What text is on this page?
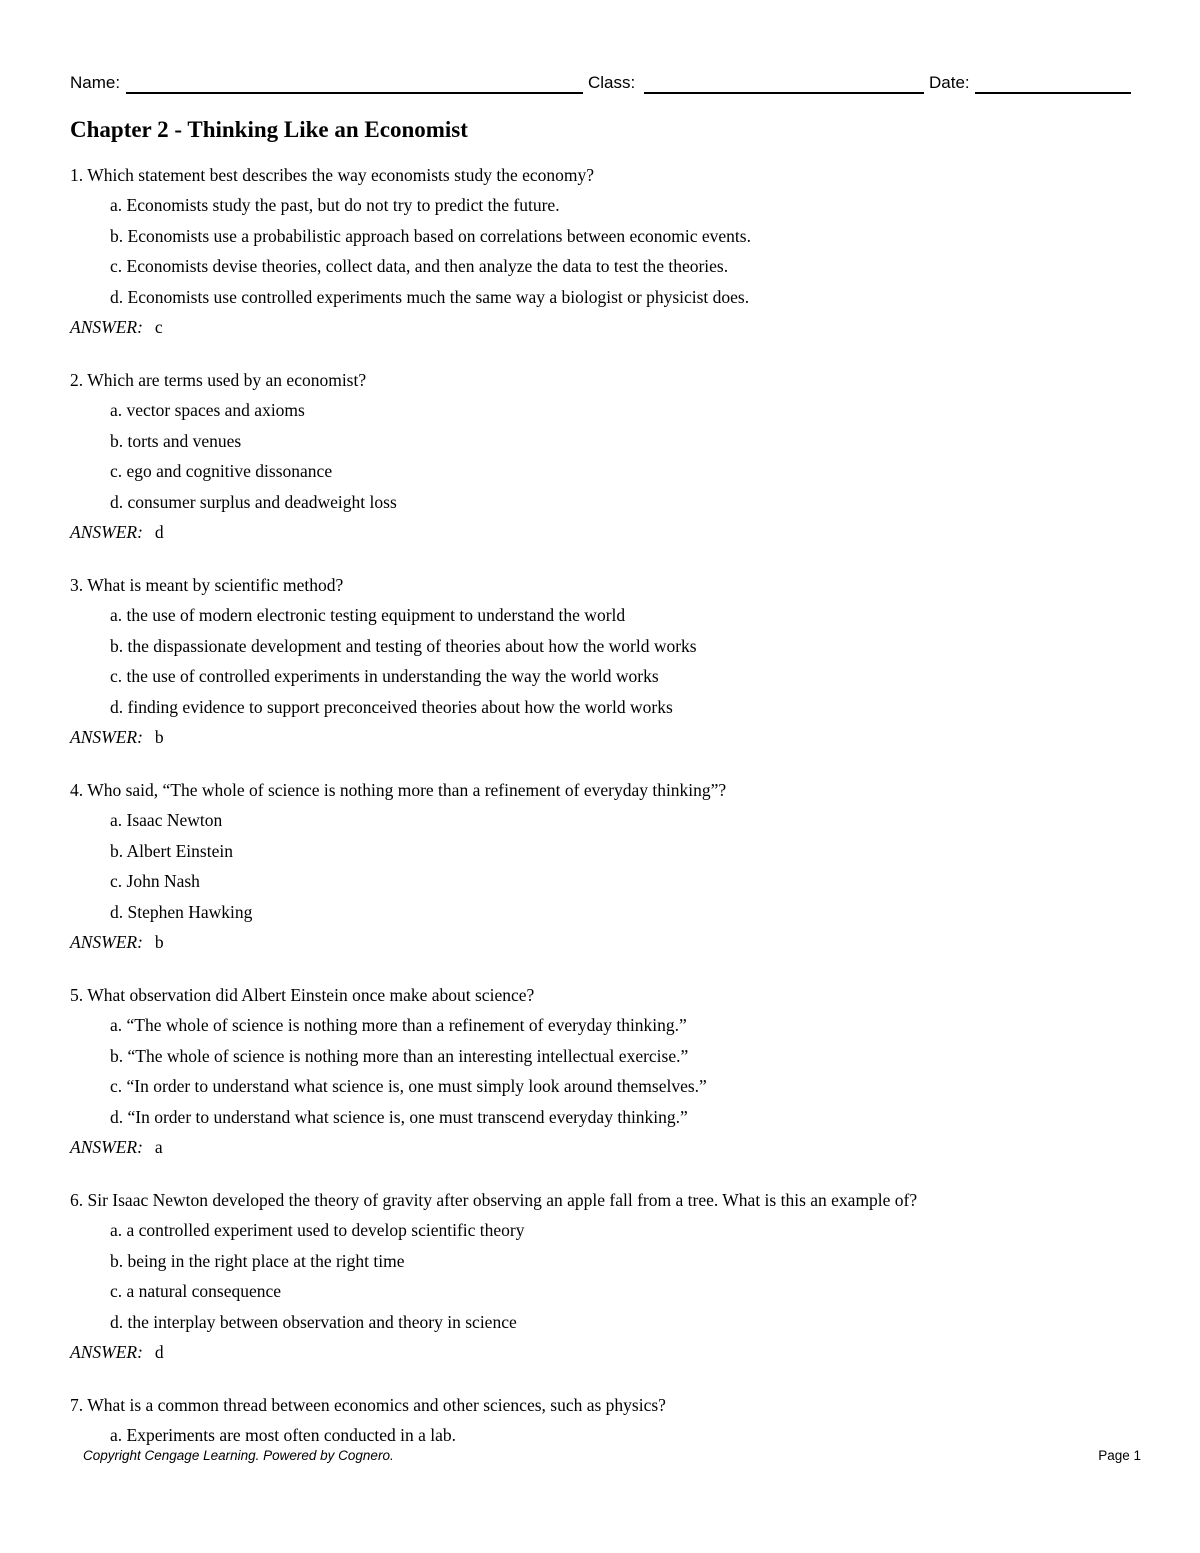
Name:	Class:	Date:
Chapter 2 - Thinking Like an Economist
1. Which statement best describes the way economists study the economy?
a. Economists study the past, but do not try to predict the future.
b. Economists use a probabilistic approach based on correlations between economic events.
c. Economists devise theories, collect data, and then analyze the data to test the theories.
d. Economists use controlled experiments much the same way a biologist or physicist does.
ANSWER: c
2. Which are terms used by an economist?
a. vector spaces and axioms
b. torts and venues
c. ego and cognitive dissonance
d. consumer surplus and deadweight loss
ANSWER: d
3. What is meant by scientific method?
a. the use of modern electronic testing equipment to understand the world
b. the dispassionate development and testing of theories about how the world works
c. the use of controlled experiments in understanding the way the world works
d. finding evidence to support preconceived theories about how the world works
ANSWER: b
4. Who said, “The whole of science is nothing more than a refinement of everyday thinking”?
a. Isaac Newton
b. Albert Einstein
c. John Nash
d. Stephen Hawking
ANSWER: b
5. What observation did Albert Einstein once make about science?
a. “The whole of science is nothing more than a refinement of everyday thinking.”
b. “The whole of science is nothing more than an interesting intellectual exercise.”
c. “In order to understand what science is, one must simply look around themselves.”
d. “In order to understand what science is, one must transcend everyday thinking.”
ANSWER: a
6. Sir Isaac Newton developed the theory of gravity after observing an apple fall from a tree. What is this an example of?
a. a controlled experiment used to develop scientific theory
b. being in the right place at the right time
c. a natural consequence
d. the interplay between observation and theory in science
ANSWER: d
7. What is a common thread between economics and other sciences, such as physics?
a. Experiments are most often conducted in a lab.
Copyright Cengage Learning. Powered by Cognero.	Page 1
